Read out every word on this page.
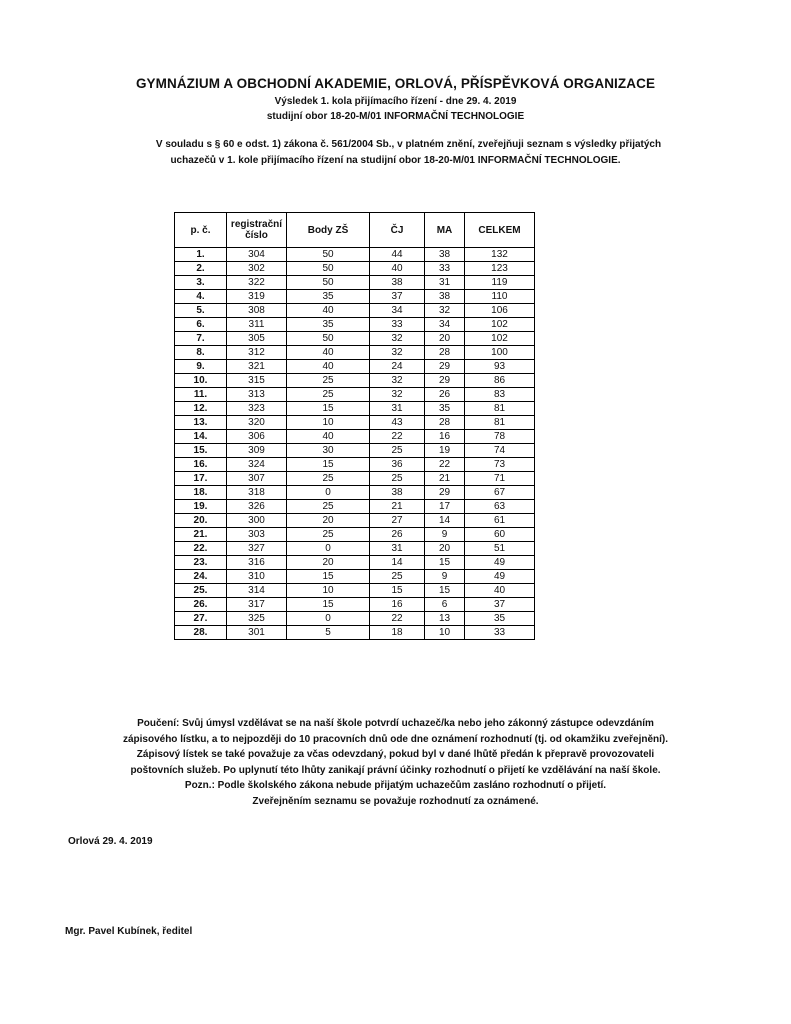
GYMNÁZIUM A OBCHODNÍ AKADEMIE, ORLOVÁ, PŘÍSPĚVKOVÁ ORGANIZACE
Výsledek 1. kola přijímacího řízení - dne 29. 4. 2019
studijní obor 18-20-M/01 INFORMAČNÍ TECHNOLOGIE
V souladu s § 60 e odst. 1) zákona č. 561/2004 Sb., v platném znění, zveřejňuji seznam s výsledky přijatých
uchazečů v 1. kole přijímacího řízení na studijní obor 18-20-M/01 INFORMAČNÍ TECHNOLOGIE.
p. č.	registrační číslo	Body ZŠ	ČJ	MA	CELKEM
1.	304	50	44	38	132
2.	302	50	40	33	123
3.	322	50	38	31	119
4.	319	35	37	38	110
5.	308	40	34	32	106
6.	311	35	33	34	102
7.	305	50	32	20	102
8.	312	40	32	28	100
9.	321	40	24	29	93
10.	315	25	32	29	86
11.	313	25	32	26	83
12.	323	15	31	35	81
13.	320	10	43	28	81
14.	306	40	22	16	78
15.	309	30	25	19	74
16.	324	15	36	22	73
17.	307	25	25	21	71
18.	318	0	38	29	67
19.	326	25	21	17	63
20.	300	20	27	14	61
21.	303	25	26	9	60
22.	327	0	31	20	51
23.	316	20	14	15	49
24.	310	15	25	9	49
25.	314	10	15	15	40
26.	317	15	16	6	37
27.	325	0	22	13	35
28.	301	5	18	10	33
Poučení: Svůj úmysl vzdělávat se na naší škole potvrdí uchazeč/ka nebo jeho zákonný zástupce odevzdáním
zápisového lístku, a to nejpozději do 10 pracovních dnů ode dne oznámení rozhodnutí (tj. od okamžiku zveřejnění).
Zápisový lístek se také považuje za včas odevzdaný, pokud byl v dané lhůtě předán k přepravě provozovateli
poštovních služeb. Po uplynutí této lhůty zanikají právní účinky rozhodnutí o přijetí ke vzdělávání na naší škole.
Pozn.: Podle školského zákona nebude přijatým uchazečům zasláno rozhodnutí o přijetí.
Zveřejněním seznamu se považuje rozhodnutí za oznámené.
Orlová 29. 4. 2019
Mgr. Pavel Kubínek, ředitel
